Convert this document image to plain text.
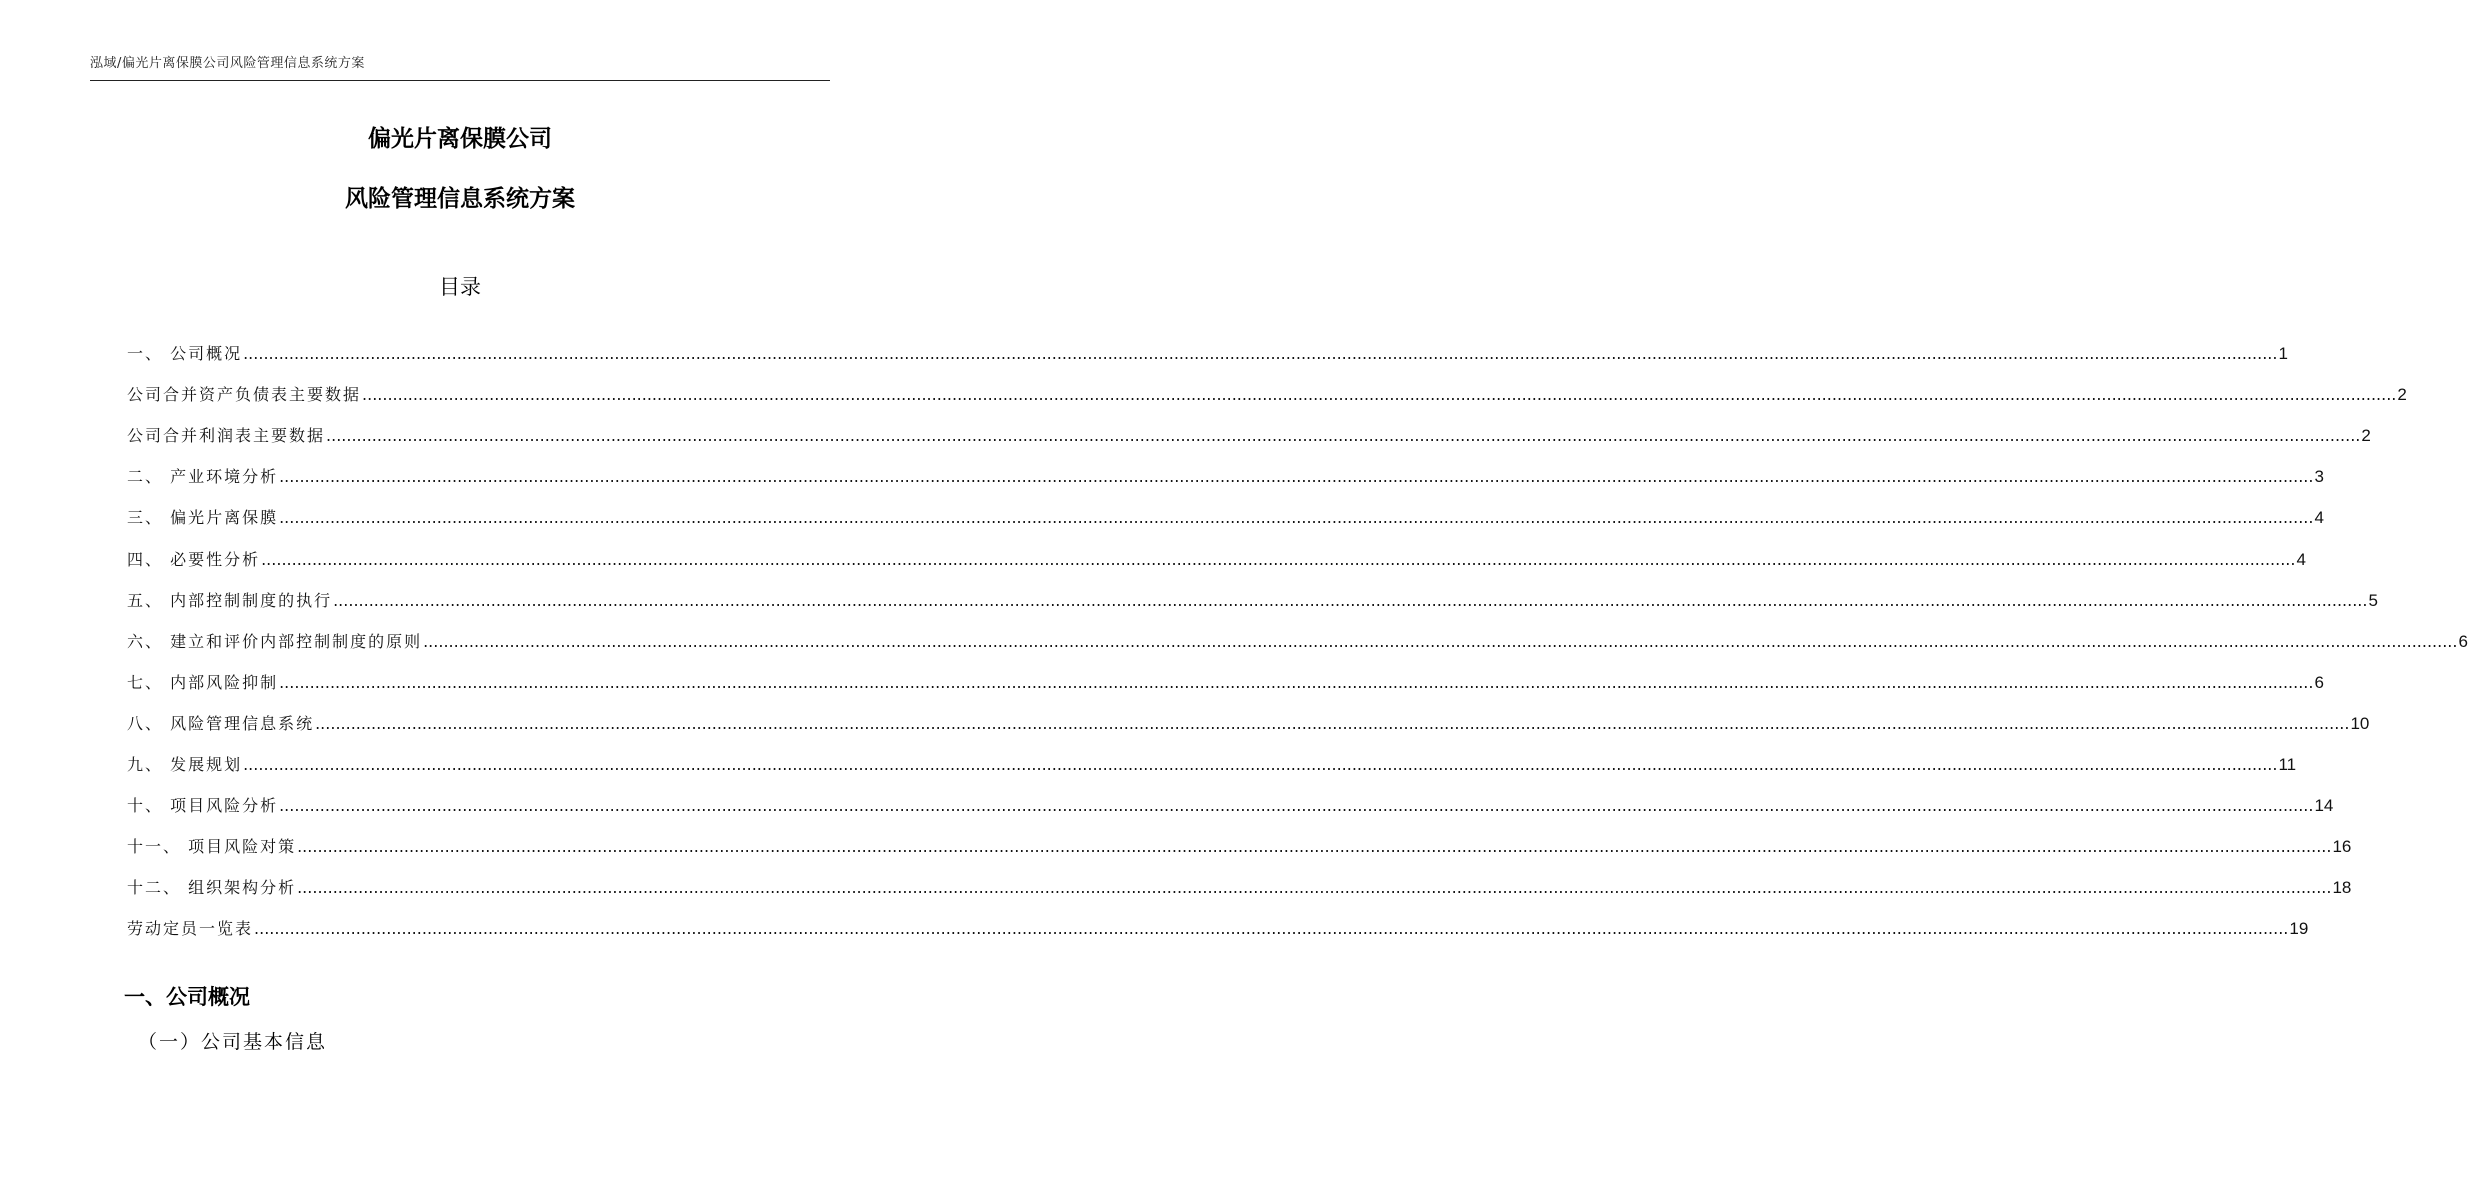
泓域/偏光片离保膜公司风险管理信息系统方案
偏光片离保膜公司
风险管理信息系统方案
目录
一、 公司概况 ................................................................................................................................................................................................................................................................................................................................................................................................................ 1
公司合并资产负债表主要数据 ................................................................................................................................................................................................................................................................................................................................................................................................................ 2
公司合并利润表主要数据 ................................................................................................................................................................................................................................................................................................................................................................................................................ 2
二、 产业环境分析 ................................................................................................................................................................................................................................................................................................................................................................................................................ 3
三、 偏光片离保膜 ................................................................................................................................................................................................................................................................................................................................................................................................................ 4
四、 必要性分析 ................................................................................................................................................................................................................................................................................................................................................................................................................ 4
五、 内部控制制度的执行 ................................................................................................................................................................................................................................................................................................................................................................................................................ 5
六、 建立和评价内部控制制度的原则 ................................................................................................................................................................................................................................................................................................................................................................................................................ 6
七、 内部风险抑制 ................................................................................................................................................................................................................................................................................................................................................................................................................ 6
八、 风险管理信息系统 ................................................................................................................................................................................................................................................................................................................................................................................................................ 10
九、 发展规划 ................................................................................................................................................................................................................................................................................................................................................................................................................ 11
十、 项目风险分析 ................................................................................................................................................................................................................................................................................................................................................................................................................ 14
十一、 项目风险对策 ................................................................................................................................................................................................................................................................................................................................................................................................................ 16
十二、 组织架构分析 ................................................................................................................................................................................................................................................................................................................................................................................................................ 18
劳动定员一览表 ................................................................................................................................................................................................................................................................................................................................................................................................................ 19
一、公司概况
（一）公司基本信息
